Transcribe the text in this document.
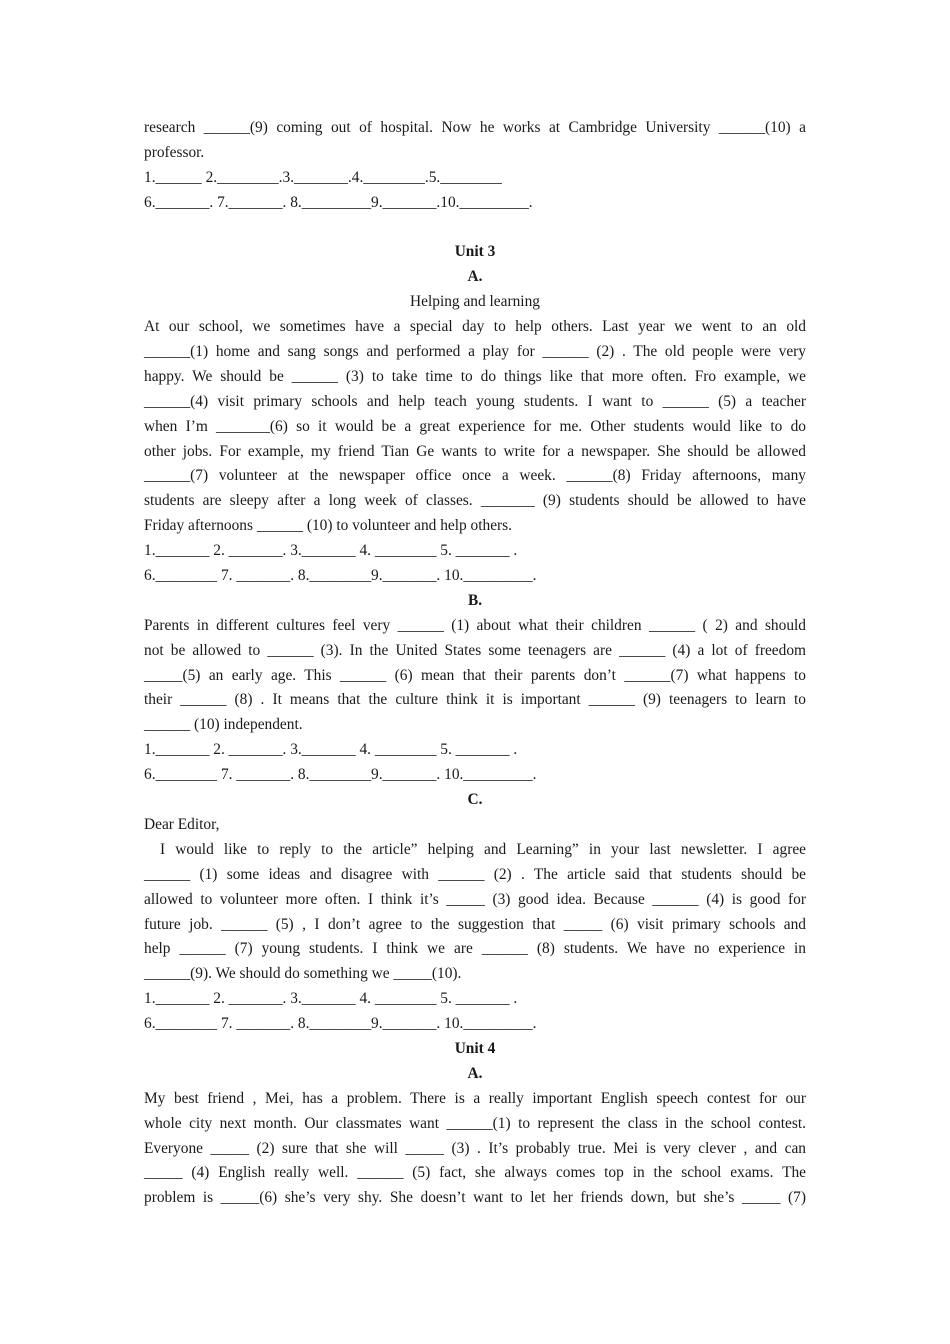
research ______(9) coming out of hospital. Now he works at Cambridge University ______(10) a
professor.
1.______ 2.________.3._______.4.________.5.________
6._______. 7._______. 8._________9._______.10._________.
Unit 3
A.
Helping and learning
At our school, we sometimes have a special day to help others. Last year we went to an old
______(1) home and sang songs and performed a play for ______ (2) . The old people were very
happy. We should be ______ (3) to take time to do things like that more often. Fro example, we
______(4) visit primary schools and help teach young students. I want to ______ (5) a teacher
when I’m _______(6) so it would be a great experience for me. Other students would like to do
other jobs. For example, my friend Tian Ge wants to write for a newspaper. She should be allowed
______(7) volunteer at the newspaper office once a week. ______(8) Friday afternoons, many
students are sleepy after a long week of classes. _______ (9) students should be allowed to have
Friday afternoons ______ (10) to volunteer and help others.
1._______ 2. _______. 3._______ 4. ________ 5. _______ .
6.________ 7. _______. 8.________9._______. 10._________.
B.
Parents in different cultures feel very ______ (1) about what their children ______ ( 2) and should
not be allowed to ______ (3). In the United States some teenagers are ______ (4) a lot of freedom
_____(5) an early age. This ______ (6) mean that their parents don’t ______(7) what happens to
their ______ (8) . It means that the culture think it is important ______ (9) teenagers to learn to
______ (10) independent.
1._______ 2. _______. 3._______ 4. ________ 5. _______ .
6.________ 7. _______. 8.________9._______. 10._________.
C.
Dear Editor,
I would like to reply to the article” helping and Learning” in your last newsletter. I agree
______ (1) some ideas and disagree with ______ (2) . The article said that students should be
allowed to volunteer more often. I think it’s _____ (3) good idea. Because ______ (4) is good for
future job. ______ (5) , I don’t agree to the suggestion that _____ (6) visit primary schools and
help ______ (7) young students. I think we are ______ (8) students. We have no experience in
______(9). We should do something we _____(10).
1._______ 2. _______. 3._______ 4. ________ 5. _______ .
6.________ 7. _______. 8.________9._______. 10._________.
Unit 4
A.
My best friend , Mei, has a problem. There is a really important English speech contest for our
whole city next month. Our classmates want ______(1) to represent the class in the school contest.
Everyone _____ (2) sure that she will _____ (3) . It’s probably true. Mei is very clever , and can
_____ (4) English really well. ______ (5) fact, she always comes top in the school exams. The
problem is _____(6) she’s very shy. She doesn’t want to let her friends down, but she’s _____ (7)
